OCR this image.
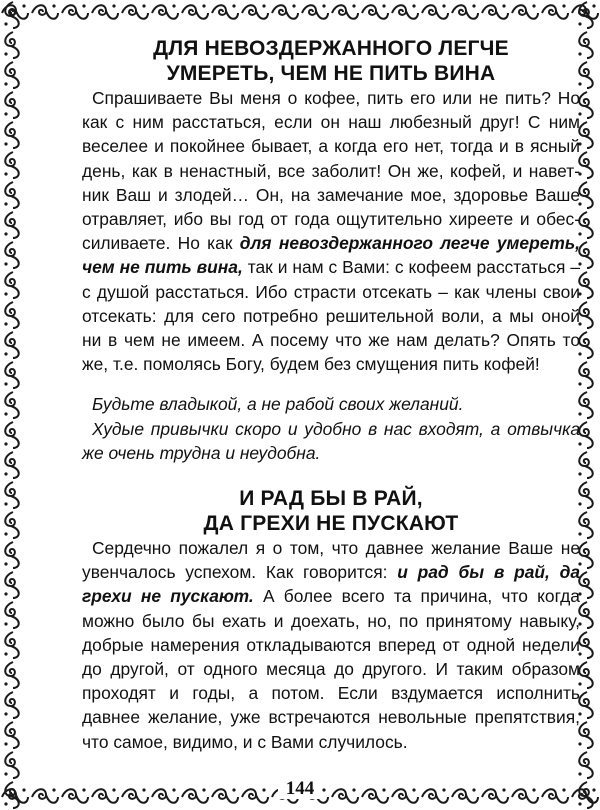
ДЛЯ НЕВОЗДЕРЖАННОГО ЛЕГЧЕ
УМЕРЕТЬ, ЧЕМ НЕ ПИТЬ ВИНА

Спрашиваете Вы меня о кофее, пить его или не пить? Но как с ним расстаться, если он наш любезный друг! С ним веселее и покойнее бывает, а когда его нет, тогда и в ясный день, как в ненастный, все заболит! Он же, кофей, и наветник Ваш и злодей… Он, на замечание мое, здоровье Ваше отравляет, ибо вы год от года ощутительно хиреете и обессиливаете. Но как для невоздержанного легче умереть, чем не пить вина, так и нам с Вами: с кофеем расстаться – с душой расстаться. Ибо страсти отсекать – как члены свои отсекать: для сего потребно решительной воли, а мы оной ни в чем не имеем. А посему что же нам делать? Опять то же, т.е. помолясь Богу, будем без смущения пить кофей!

Будьте владыкой, а не рабой своих желаний.

Худые привычки скоро и удобно в нас входят, а отвычка же очень трудна и неудобна.

И РАД БЫ В РАЙ,
ДА ГРЕХИ НЕ ПУСКАЮТ

Сердечно пожалел я о том, что давнее желание Ваше не увенчалось успехом. Как говорится: и рад бы в рай, да грехи не пускают. А более всего та причина, что когда можно было бы ехать и доехать, но, по принятому навыку, добрые намерения откладываются вперед от одной недели до другой, от одного месяца до другого. И таким образом проходят и годы, а потом. Если вздумается исполнить давнее желание, уже встречаются невольные препятствия, что самое, видимо, и с Вами случилось.

144
